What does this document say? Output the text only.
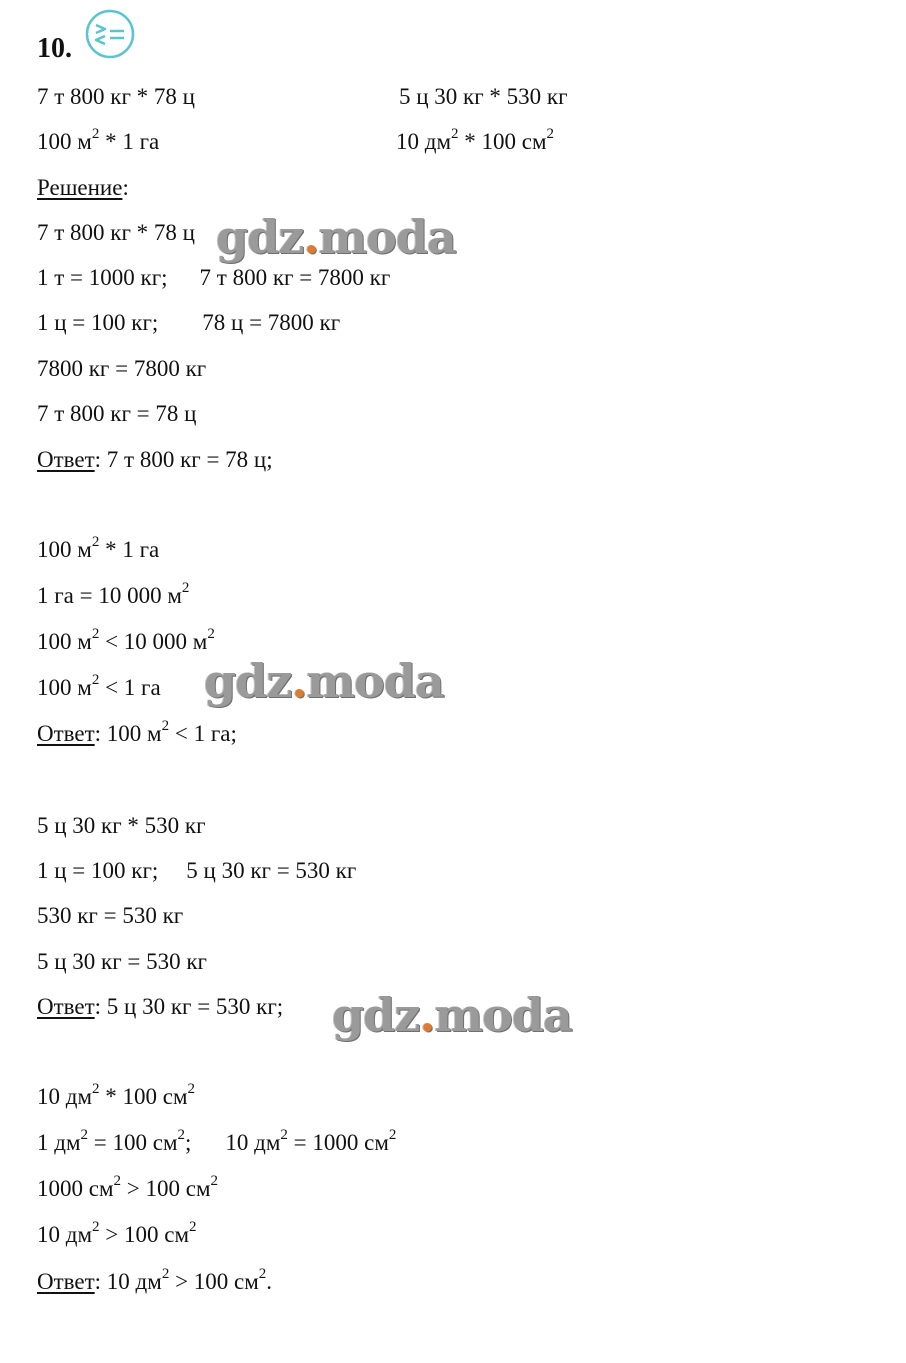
10.
7 т 800 кг * 78 ц	5 ц 30 кг * 530 кг
100 $м^2 * 1$ га	10 $дм^2 * 100$ $см^2$
Решение:
7 т 800 кг * 78 ц
1 т = 1000 кг; 7 т 800 кг = 7800 кг
1 ц = 100 кг; 78 ц = 7800 кг
7800 кг = 7800 кг
7 т 800 кг = 78 ц
Ответ: 7 т 800 кг = 78 ц;
100 $м^2 * 1$ га
1 га = 10 000 $м^2$
100 $м^2 < 10$ 000 $м^2$
100 $м^2 < 1$ га
Ответ: 100 $м^2 < 1$ га;
5 ц 30 кг * 530 кг
1 ц = 100 кг; 5 ц 30 кг = 530 кг
530 кг = 530 кг
5 ц 30 кг = 530 кг
Ответ: 5 ц 30 кг = 530 кг;
10 $дм^2 * 100$ $см^2$
1 $дм^2 = 100$ $см^2$; 10 $дм^2 = 1000$ $см^2$
1000 $см^2 > 100$ $см^2$
10 $дм^2 > 100$ $см^2$
Ответ: 10 $дм^2 > 100$ $см^2$.
gdz.moda
gdz.moda
gdz.moda
